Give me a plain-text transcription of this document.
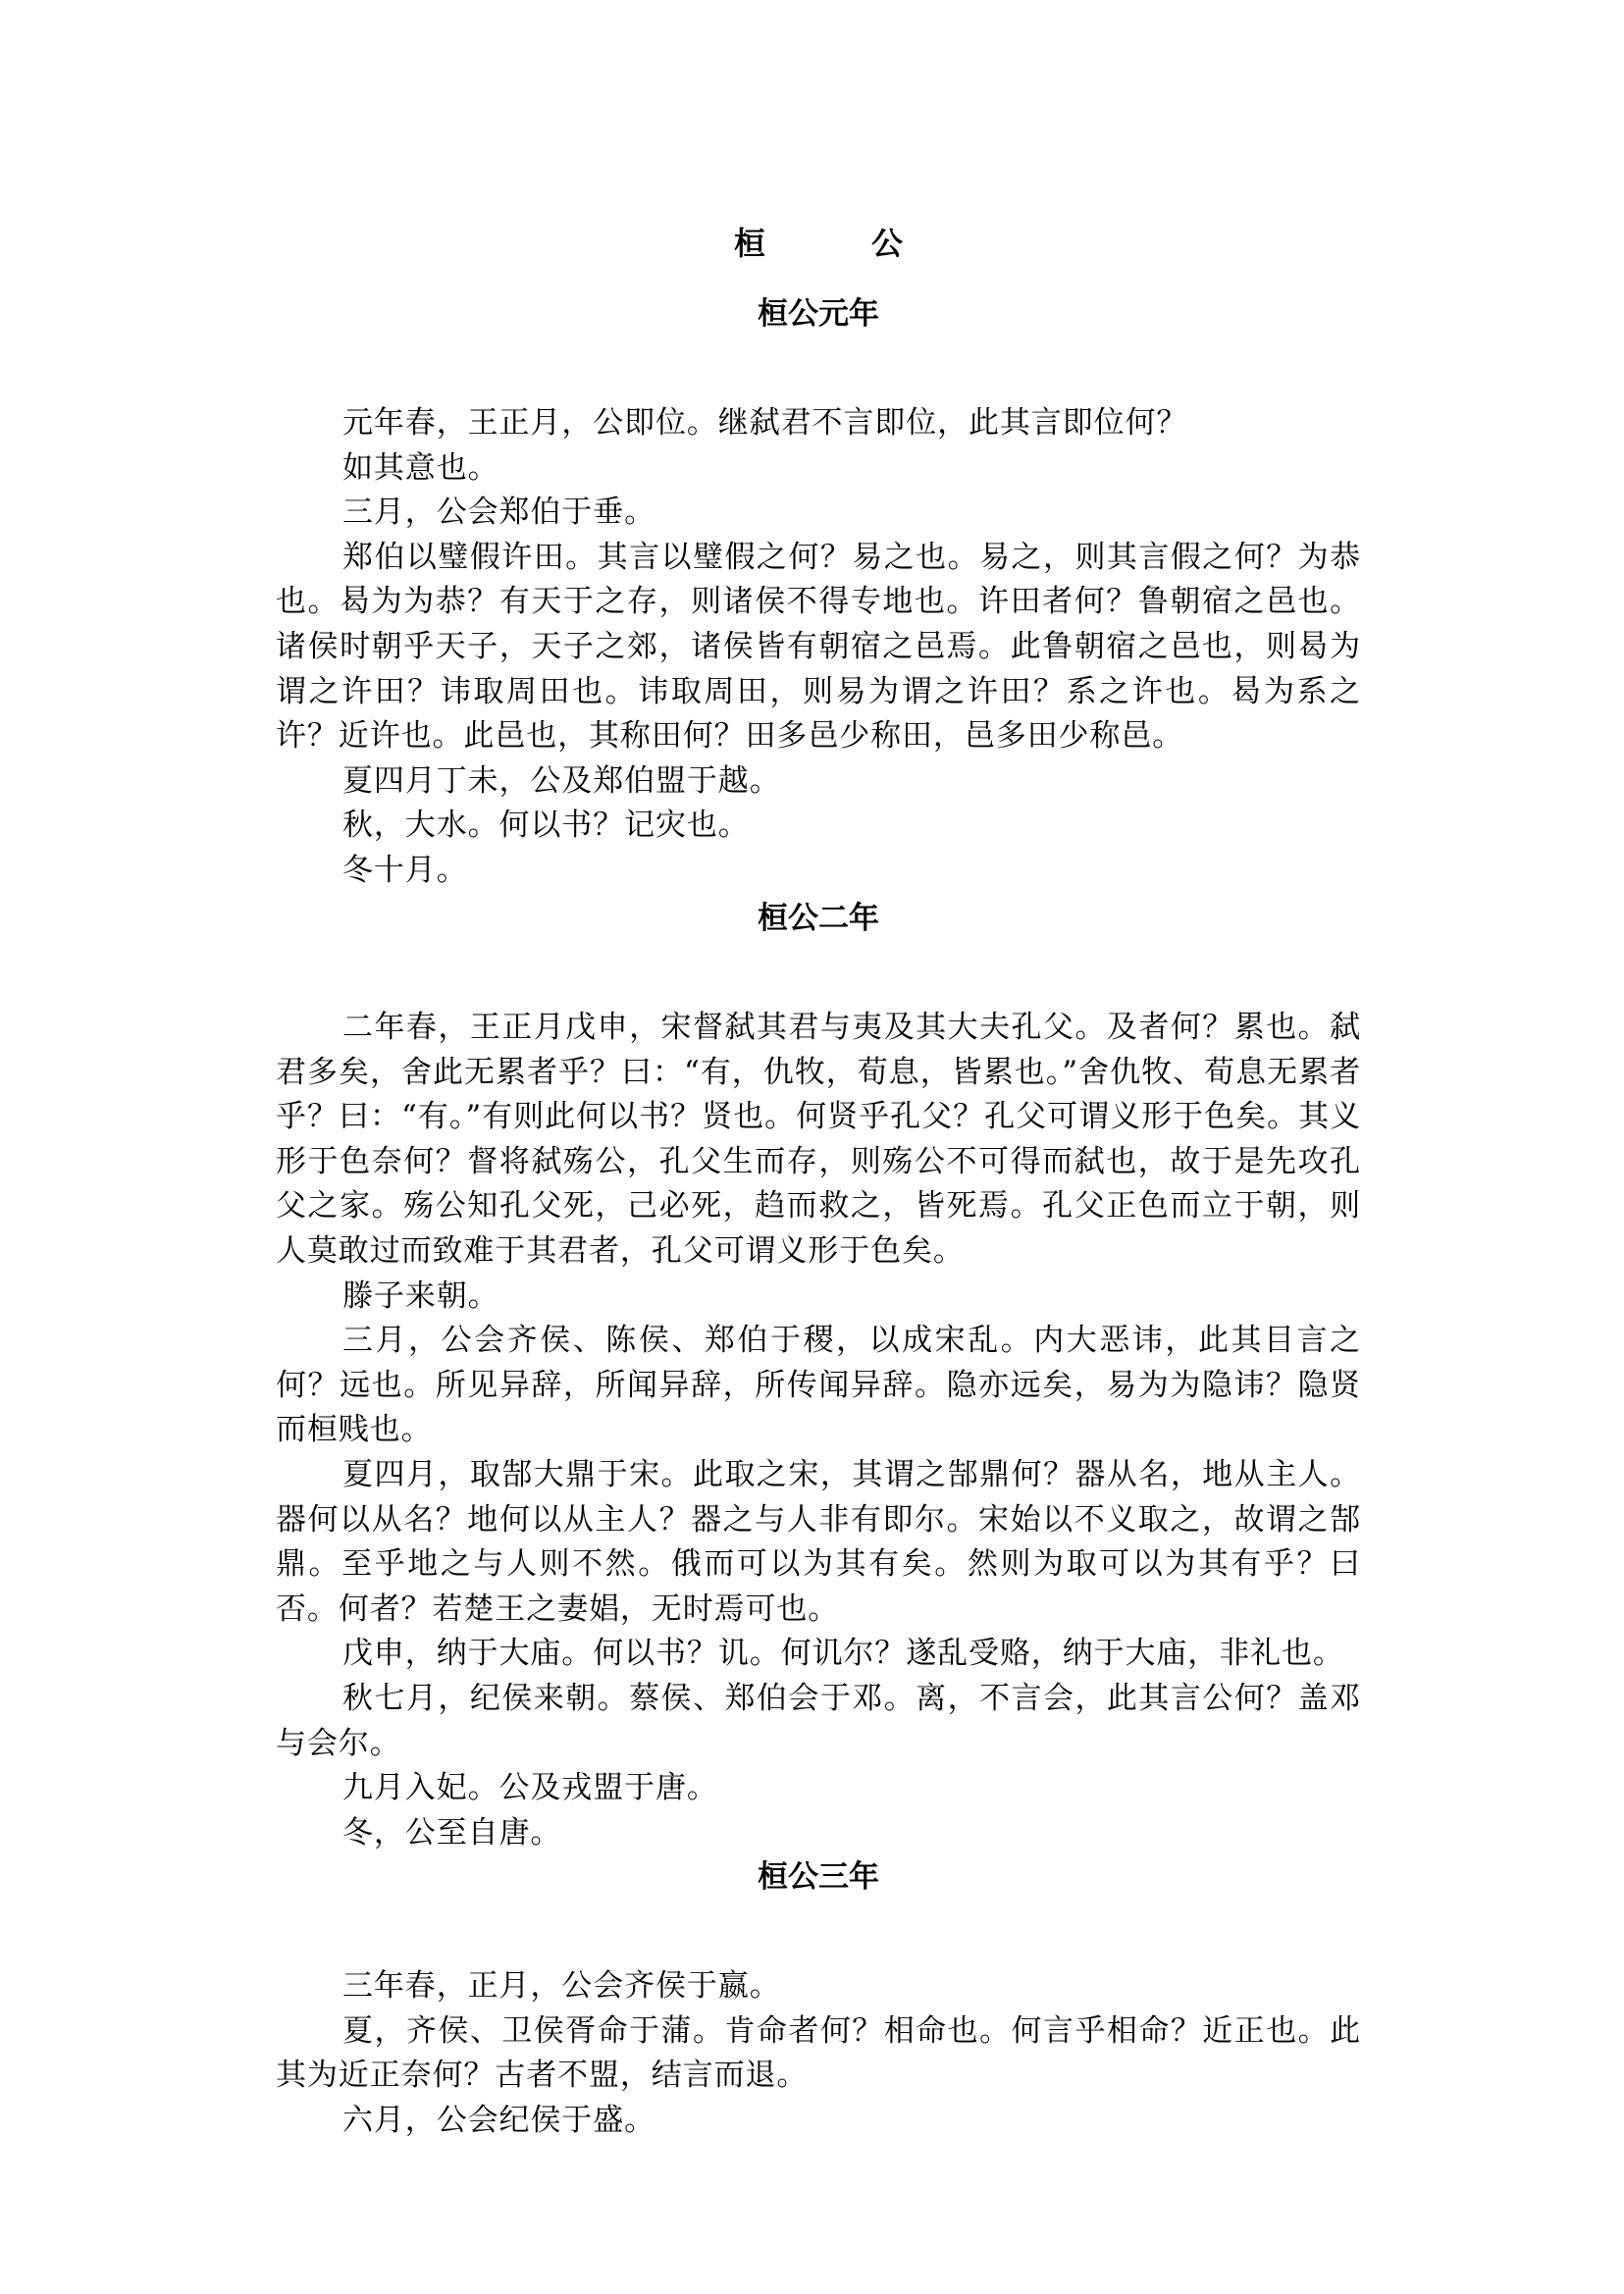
桓　公
桓公元年

元年春，王正月，公即位。继弑君不言即位，此其言即位何？

如其意也。

三月，公会郑伯于垂。

郑伯以璧假许田。其言以璧假之何？易之也。易之，则其言假之何？为恭也。曷为为恭？有天于之存，则诸侯不得专地也。许田者何？鲁朝宿之邑也。诸侯时朝乎天子，天子之郊，诸侯皆有朝宿之邑焉。此鲁朝宿之邑也，则曷为谓之许田？讳取周田也。讳取周田，则易为谓之许田？系之许也。曷为系之许？近许也。此邑也，其称田何？田多邑少称田，邑多田少称邑。

夏四月丁未，公及郑伯盟于越。

秋，大水。何以书？记灾也。

冬十月。

桓公二年

二年春，王正月戊申，宋督弑其君与夷及其大夫孔父。及者何？累也。弑君多矣，舍此无累者乎？曰：“有，仇牧，荀息，皆累也。”舍仇牧、荀息无累者乎？曰：“有。”有则此何以书？贤也。何贤乎孔父？孔父可谓义形于色矣。其义形于色奈何？督将弑殇公，孔父生而存，则殇公不可得而弑也，故于是先攻孔父之家。殇公知孔父死，己必死，趋而救之，皆死焉。孔父正色而立于朝，则人莫敢过而致难于其君者，孔父可谓义形于色矣。

滕子来朝。

三月，公会齐侯、陈侯、郑伯于稷，以成宋乱。内大恶讳，此其目言之何？远也。所见异辞，所闻异辞，所传闻异辞。隐亦远矣，易为为隐讳？隐贤而桓贱也。

夏四月，取郜大鼎于宋。此取之宋，其谓之郜鼎何？器从名，地从主人。器何以从名？地何以从主人？器之与人非有即尔。宋始以不义取之，故谓之郜鼎。至乎地之与人则不然。俄而可以为其有矣。然则为取可以为其有乎？曰否。何者？若楚王之妻娼，无时焉可也。

戊申，纳于大庙。何以书？讥。何讥尔？遂乱受赂，纳于大庙，非礼也。

秋七月，纪侯来朝。蔡侯、郑伯会于邓。离，不言会，此其言公何？盖邓与会尔。

九月入妃。公及戎盟于唐。

冬，公至自唐。

桓公三年

三年春，正月，公会齐侯于嬴。

夏，齐侯、卫侯胥命于蒲。肯命者何？相命也。何言乎相命？近正也。此其为近正奈何？古者不盟，结言而退。

六月，公会纪侯于盛。
